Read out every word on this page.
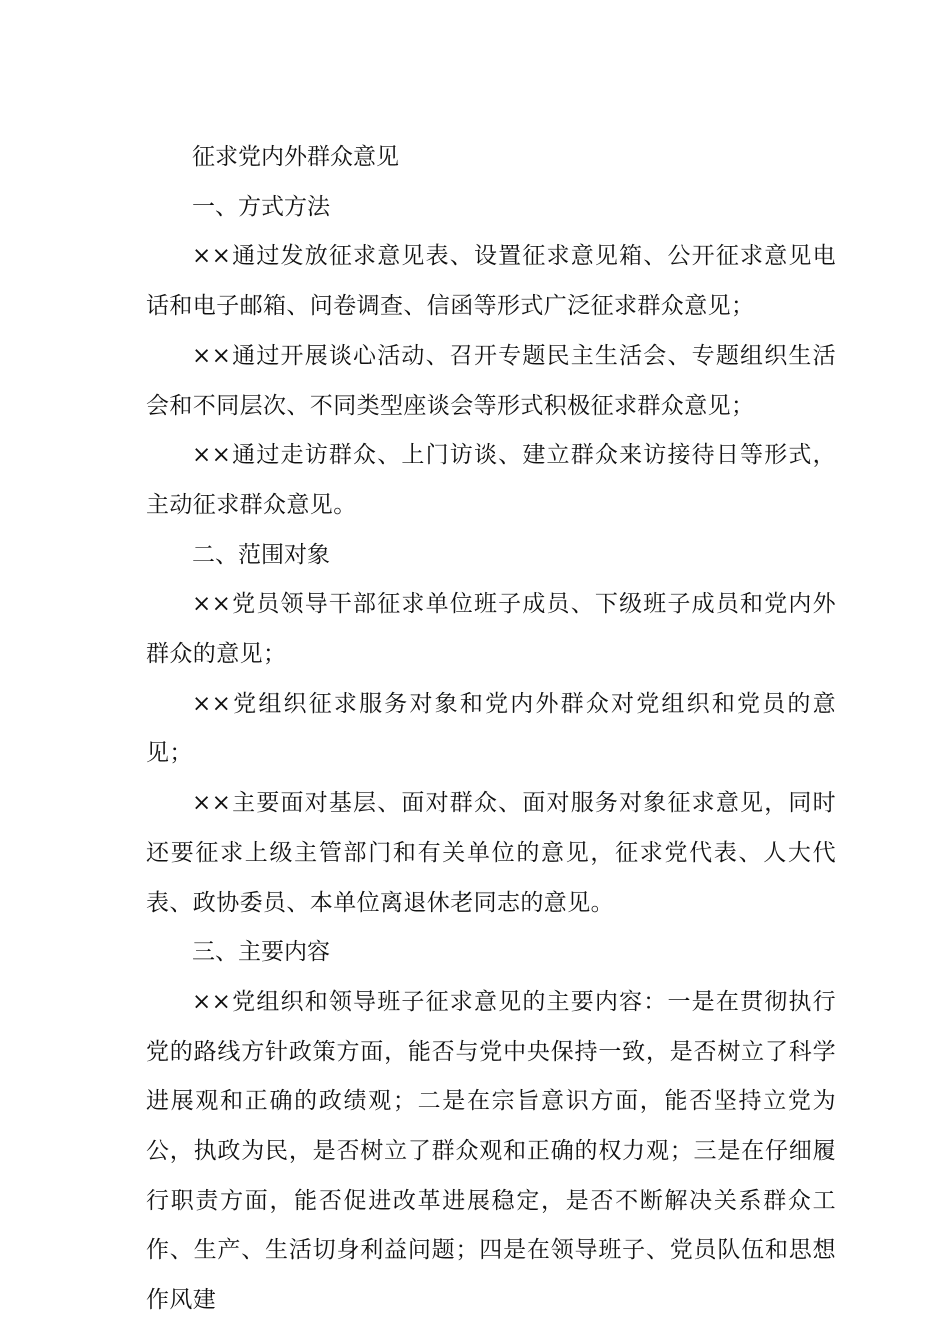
征求党内外群众意见

一、方式方法

××通过发放征求意见表、设置征求意见箱、公开征求意见电话和电子邮箱、问卷调查、信函等形式广泛征求群众意见；

××通过开展谈心活动、召开专题民主生活会、专题组织生活会和不同层次、不同类型座谈会等形式积极征求群众意见；

××通过走访群众、上门访谈、建立群众来访接待日等形式，主动征求群众意见。

二、范围对象

××党员领导干部征求单位班子成员、下级班子成员和党内外群众的意见；

××党组织征求服务对象和党内外群众对党组织和党员的意见；

××主要面对基层、面对群众、面对服务对象征求意见，同时还要征求上级主管部门和有关单位的意见，征求党代表、人大代表、政协委员、本单位离退休老同志的意见。

三、主要内容

××党组织和领导班子征求意见的主要内容：一是在贯彻执行党的路线方针政策方面，能否与党中央保持一致，是否树立了科学进展观和正确的政绩观；二是在宗旨意识方面，能否坚持立党为公，执政为民，是否树立了群众观和正确的权力观；三是在仔细履行职责方面，能否促进改革进展稳定，是否不断解决关系群众工作、生产、生活切身利益问题；四是在领导班子、党员队伍和思想作风建
